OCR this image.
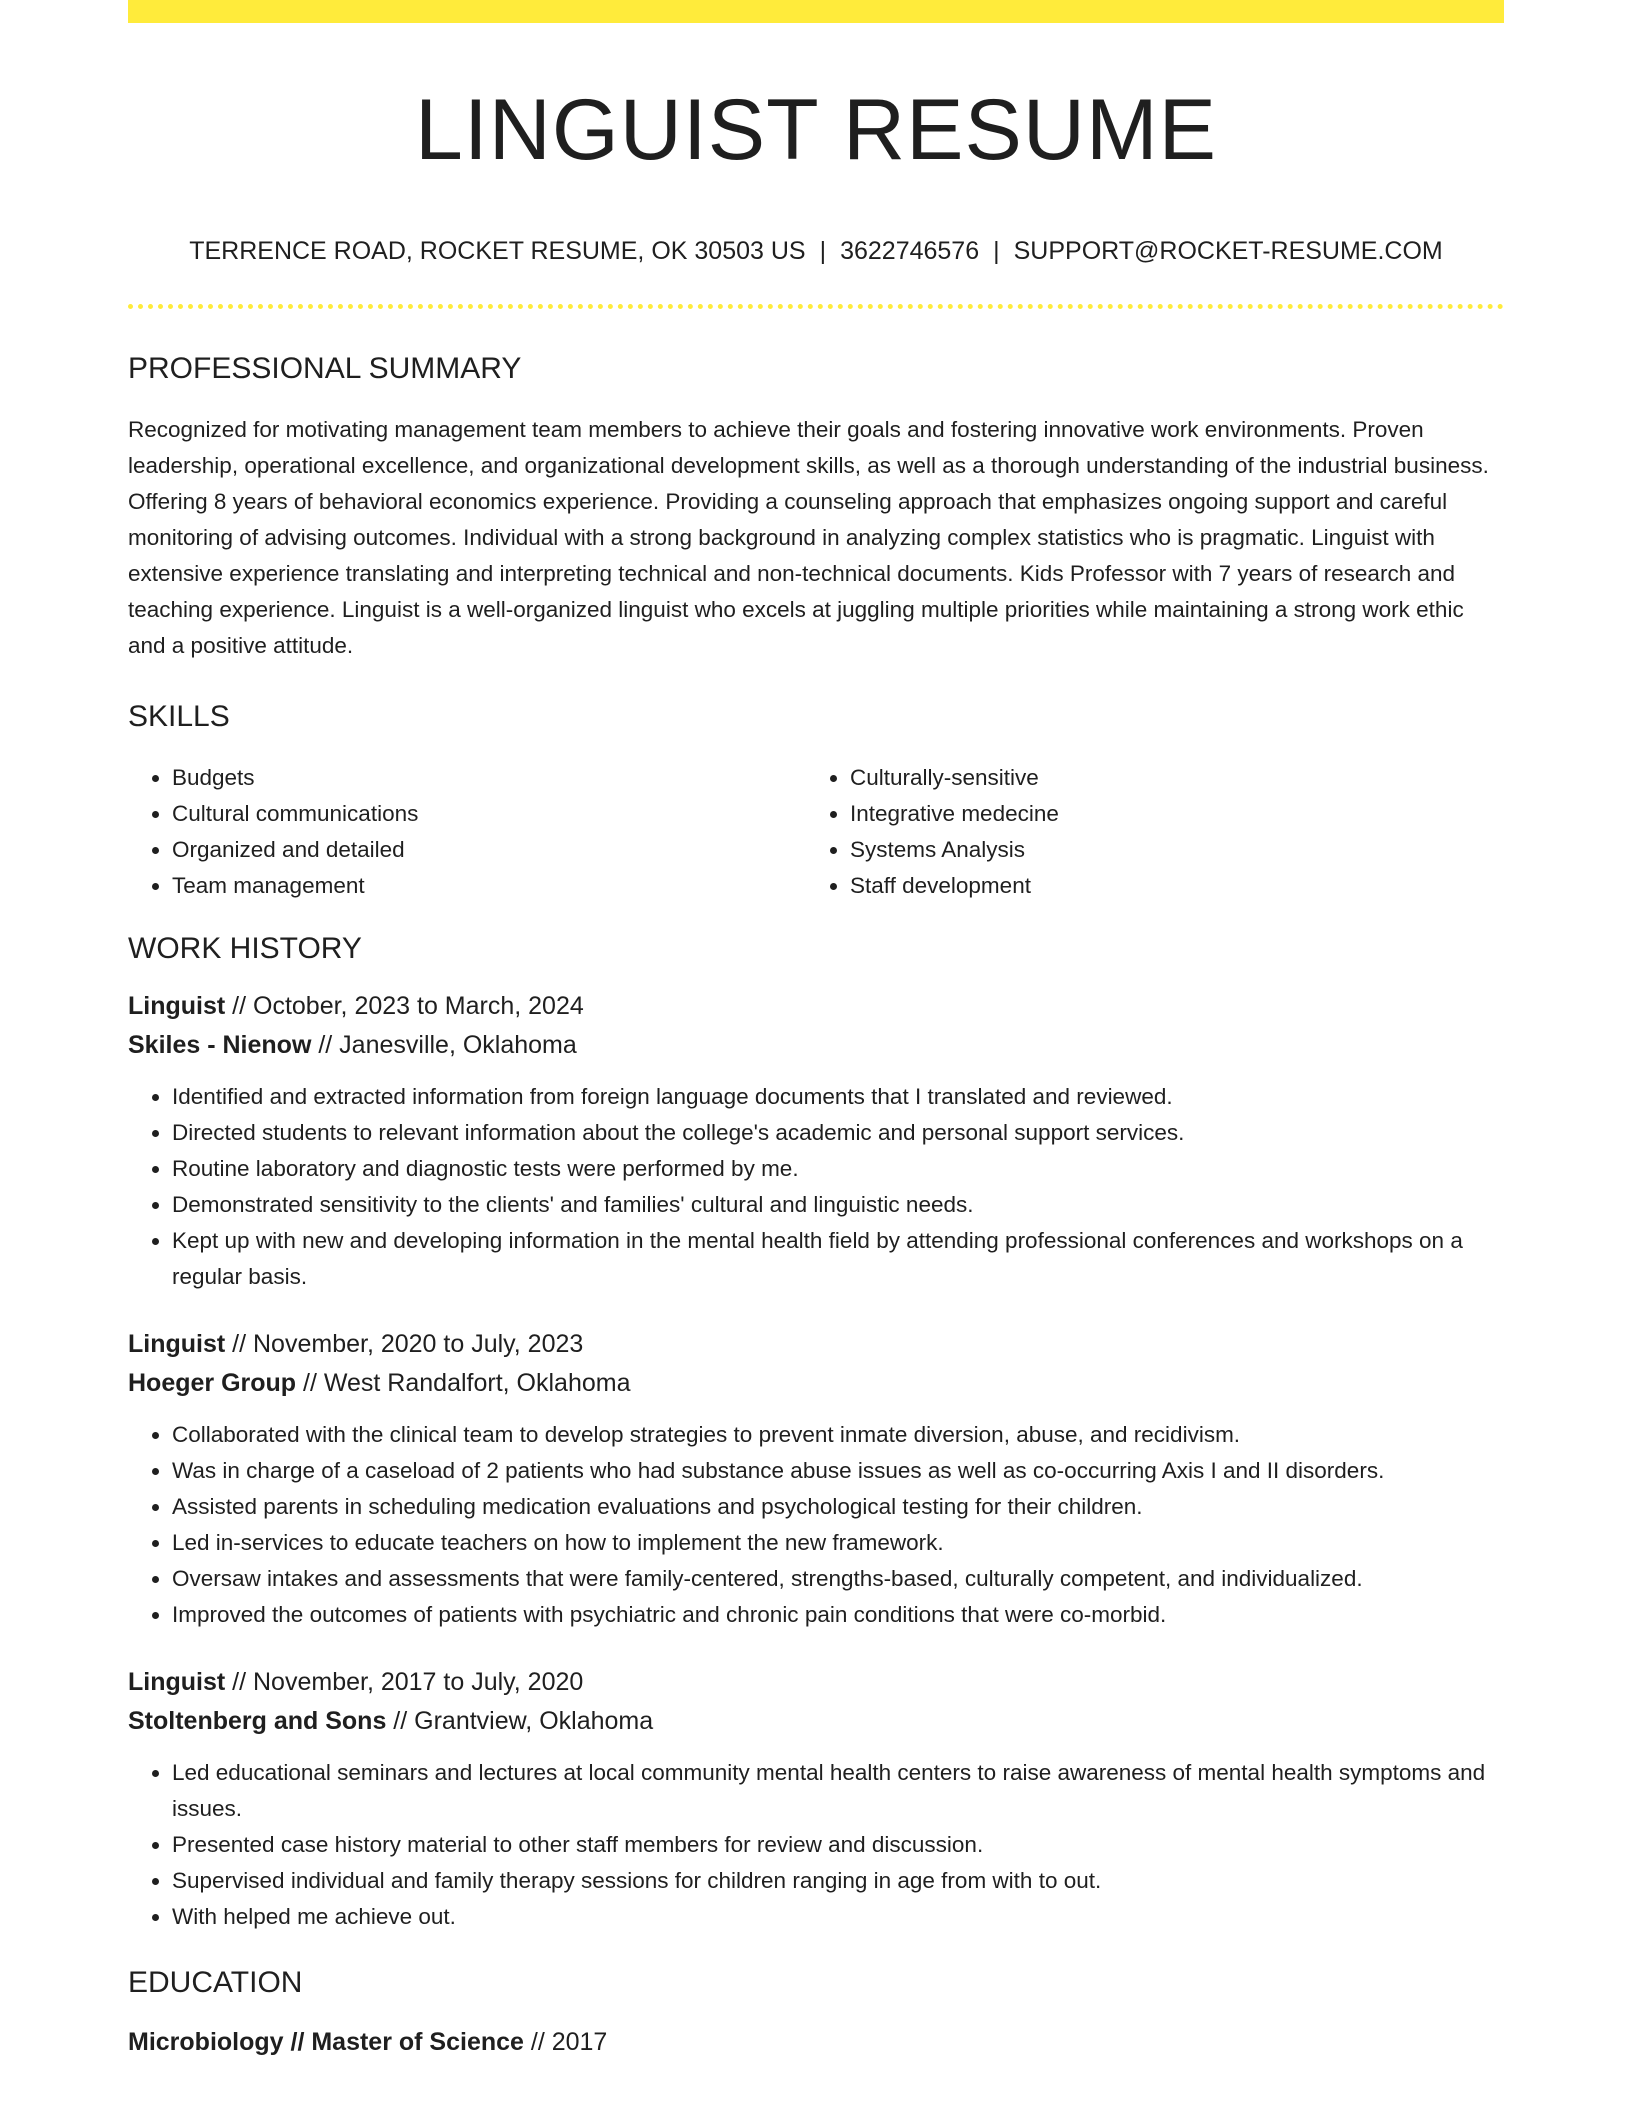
LINGUIST RESUME
TERRENCE ROAD, ROCKET RESUME, OK 30503 US | 3622746576 | SUPPORT@ROCKET-RESUME.COM
PROFESSIONAL SUMMARY

Recognized for motivating management team members to achieve their goals and fostering innovative work environments. Proven leadership, operational excellence, and organizational development skills, as well as a thorough understanding of the industrial business. Offering 8 years of behavioral economics experience. Providing a counseling approach that emphasizes ongoing support and careful monitoring of advising outcomes. Individual with a strong background in analyzing complex statistics who is pragmatic. Linguist with extensive experience translating and interpreting technical and non-technical documents. Kids Professor with 7 years of research and teaching experience. Linguist is a well-organized linguist who excels at juggling multiple priorities while maintaining a strong work ethic and a positive attitude.

SKILLS
• Budgets
• Cultural communications
• Organized and detailed
• Team management
• Culturally-sensitive
• Integrative medecine
• Systems Analysis
• Staff development
WORK HISTORY

Linguist // October, 2023 to March, 2024

Skiles - Nienow // Janesville, Oklahoma

• Identified and extracted information from foreign language documents that I translated and reviewed.
• Directed students to relevant information about the college's academic and personal support services.
• Routine laboratory and diagnostic tests were performed by me.
• Demonstrated sensitivity to the clients' and families' cultural and linguistic needs.
• Kept up with new and developing information in the mental health field by attending professional conferences and workshops on a regular basis.

Linguist // November, 2020 to July, 2023

Hoeger Group // West Randalfort, Oklahoma

• Collaborated with the clinical team to develop strategies to prevent inmate diversion, abuse, and recidivism.
• Was in charge of a caseload of 2 patients who had substance abuse issues as well as co-occurring Axis I and II disorders.
• Assisted parents in scheduling medication evaluations and psychological testing for their children.
• Led in-services to educate teachers on how to implement the new framework.
• Oversaw intakes and assessments that were family-centered, strengths-based, culturally competent, and individualized.
• Improved the outcomes of patients with psychiatric and chronic pain conditions that were co-morbid.

Linguist // November, 2017 to July, 2020

Stoltenberg and Sons // Grantview, Oklahoma

• Led educational seminars and lectures at local community mental health centers to raise awareness of mental health symptoms and issues.
• Presented case history material to other staff members for review and discussion.
• Supervised individual and family therapy sessions for children ranging in age from with to out.
• With helped me achieve out.
EDUCATION

Microbiology // Master of Science // 2017
